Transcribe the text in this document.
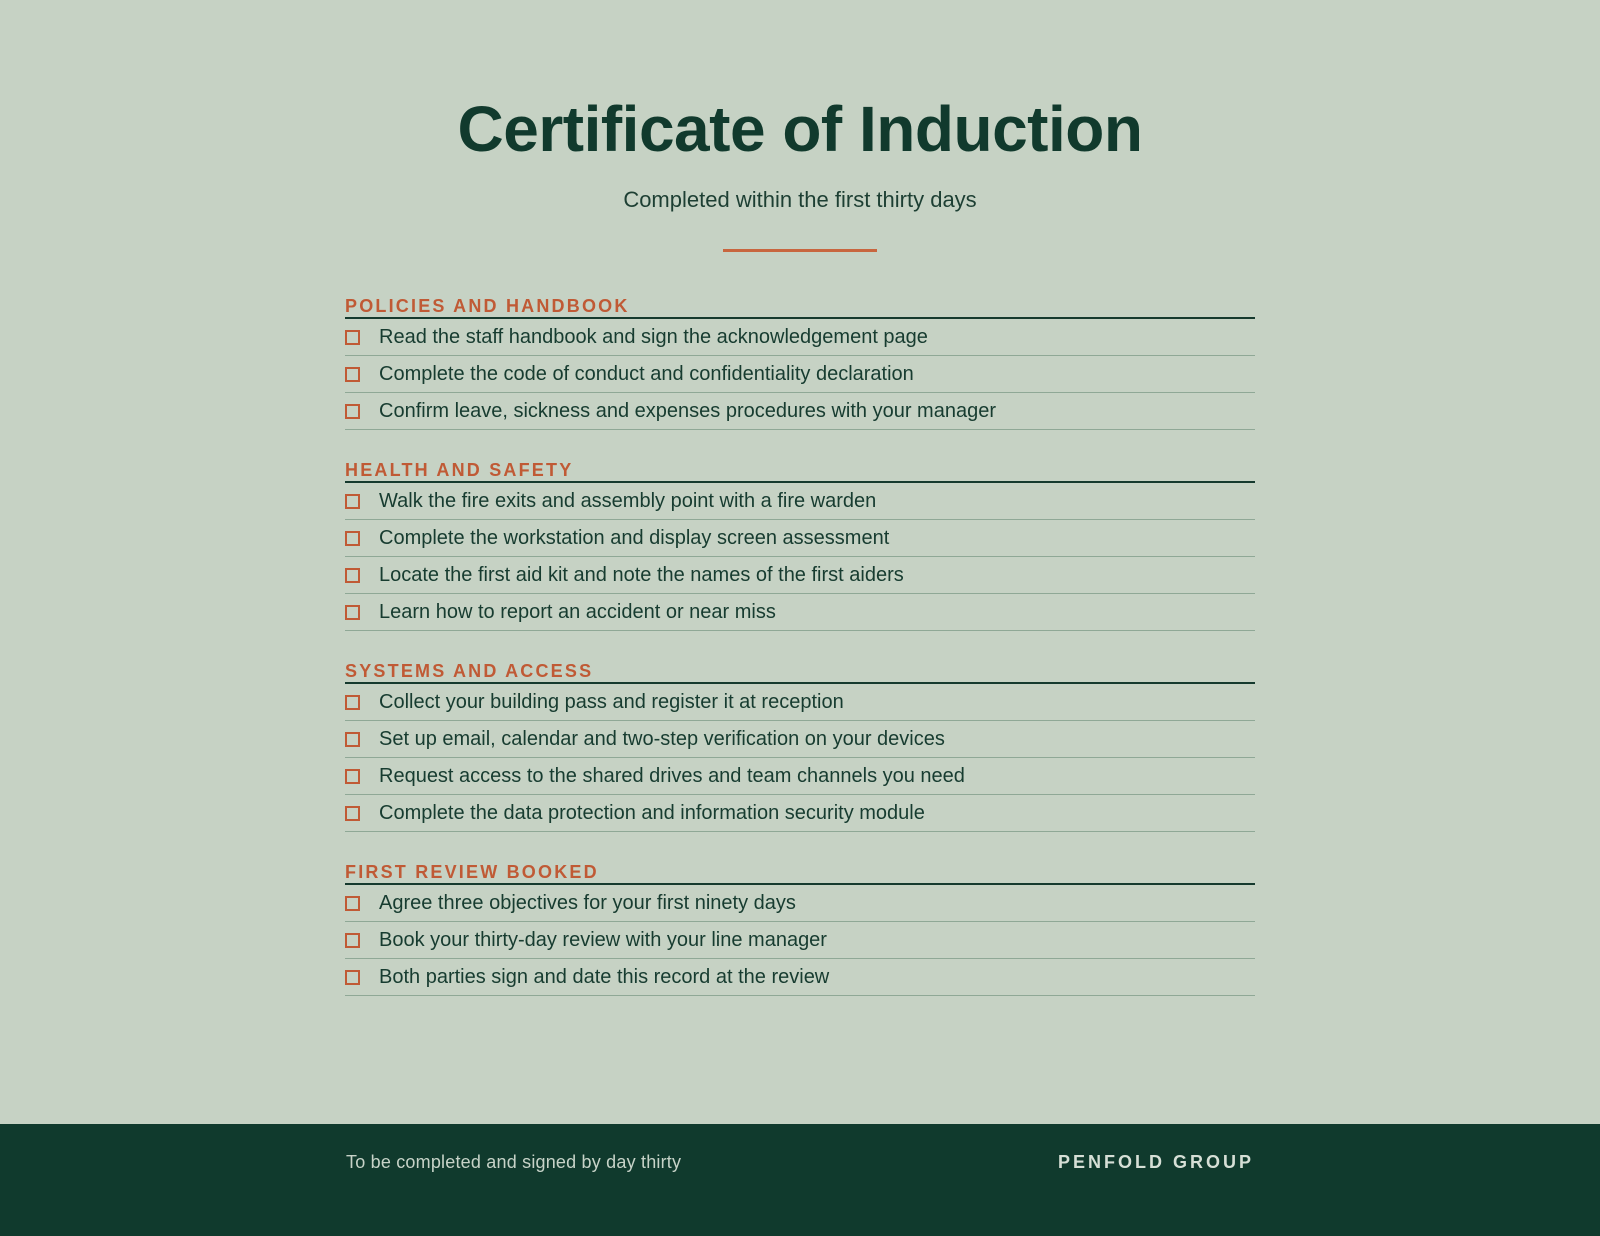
Certificate of Induction
Completed within the first thirty days
POLICIES AND HANDBOOK
Read the staff handbook and sign the acknowledgement page
Complete the code of conduct and confidentiality declaration
Confirm leave, sickness and expenses procedures with your manager
HEALTH AND SAFETY
Walk the fire exits and assembly point with a fire warden
Complete the workstation and display screen assessment
Locate the first aid kit and note the names of the first aiders
Learn how to report an accident or near miss
SYSTEMS AND ACCESS
Collect your building pass and register it at reception
Set up email, calendar and two-step verification on your devices
Request access to the shared drives and team channels you need
Complete the data protection and information security module
FIRST REVIEW BOOKED
Agree three objectives for your first ninety days
Book your thirty-day review with your line manager
Both parties sign and date this record at the review
To be completed and signed by day thirty	PENFOLD GROUP
